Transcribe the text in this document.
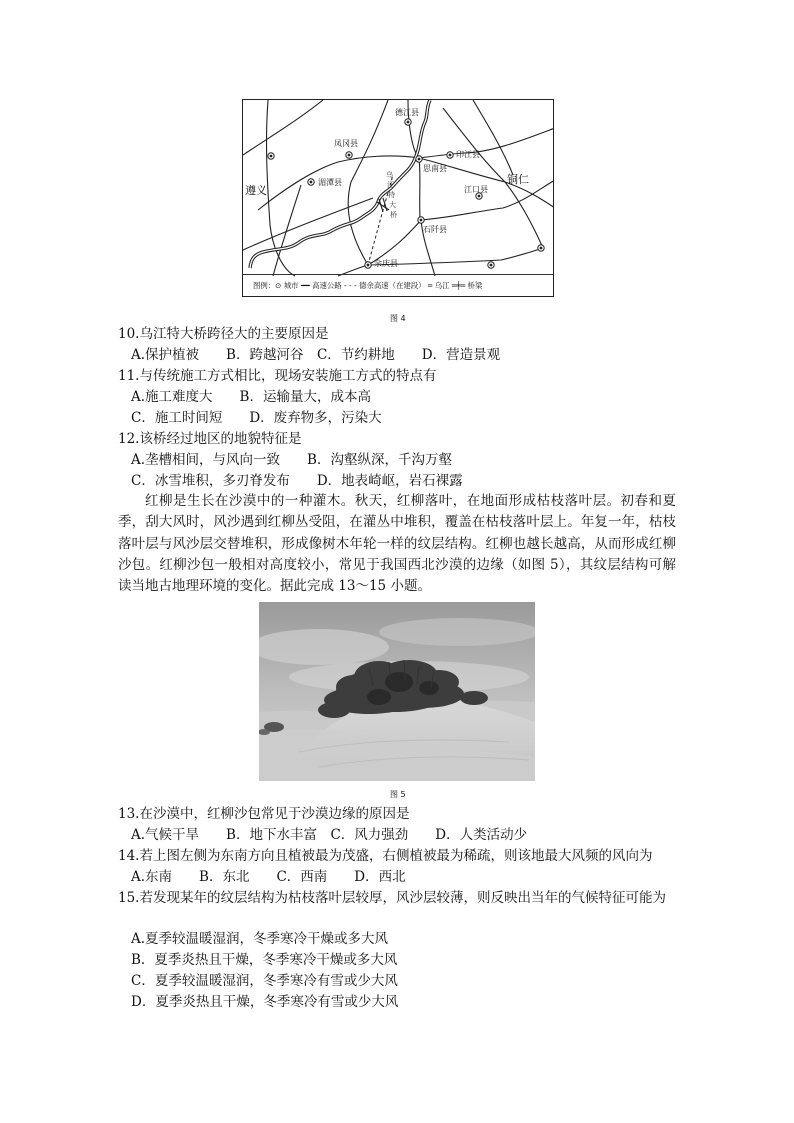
德江县
凤冈县
印江县
思南县
遵义
湄潭县	铜仁
江口县
石阡县
余庆县
乌
江
特
大
桥
图例：⊙ 城市 ━━ 高速公路 - - - 德余高速（在建段） ═ 乌江 ═╪═ 桥梁
图 4
10.乌江特大桥跨径大的主要原因是
A.保护植被　　B．跨越河谷　C．节约耕地　　D．营造景观
11.与传统施工方式相比，现场安装施工方式的特点有
A.施工难度大　　B．运输量大，成本高
C．施工时间短　　D．废弃物多，污染大
12.该桥经过地区的地貌特征是
A.垄槽相间，与风向一致　　B．沟壑纵深，千沟万壑
C．冰雪堆积，多刃脊发布　　D．地表崎岖，岩石裸露
红柳是生长在沙漠中的一种灌木。秋天，红柳落叶，在地面形成枯枝落叶层。初春和夏季，刮大风时，风沙遇到红柳丛受阻，在灌丛中堆积，覆盖在枯枝落叶层上。年复一年，枯枝落叶层与风沙层交替堆积，形成像树木年轮一样的纹层结构。红柳也越长越高，从而形成红柳沙包。红柳沙包一般相对高度较小，常见于我国西北沙漠的边缘（如图 5），其纹层结构可解读当地古地理环境的变化。据此完成 13～15 小题。
图 5
13.在沙漠中，红柳沙包常见于沙漠边缘的原因是
A.气候干旱　　B．地下水丰富　C．风力强劲　　D．人类活动少
14.若上图左侧为东南方向且植被最为茂盛，右侧植被最为稀疏，则该地最大风频的风向为
A.东南　　B．东北　　C．西南　　D．西北
15.若发现某年的纹层结构为枯枝落叶层较厚，风沙层较薄，则反映出当年的气候特征可能为
A.夏季较温暖湿润，冬季寒冷干燥或多大风
B．夏季炎热且干燥，冬季寒冷干燥或多大风
C．夏季较温暖湿润，冬季寒冷有雪或少大风
D．夏季炎热且干燥，冬季寒冷有雪或少大风
